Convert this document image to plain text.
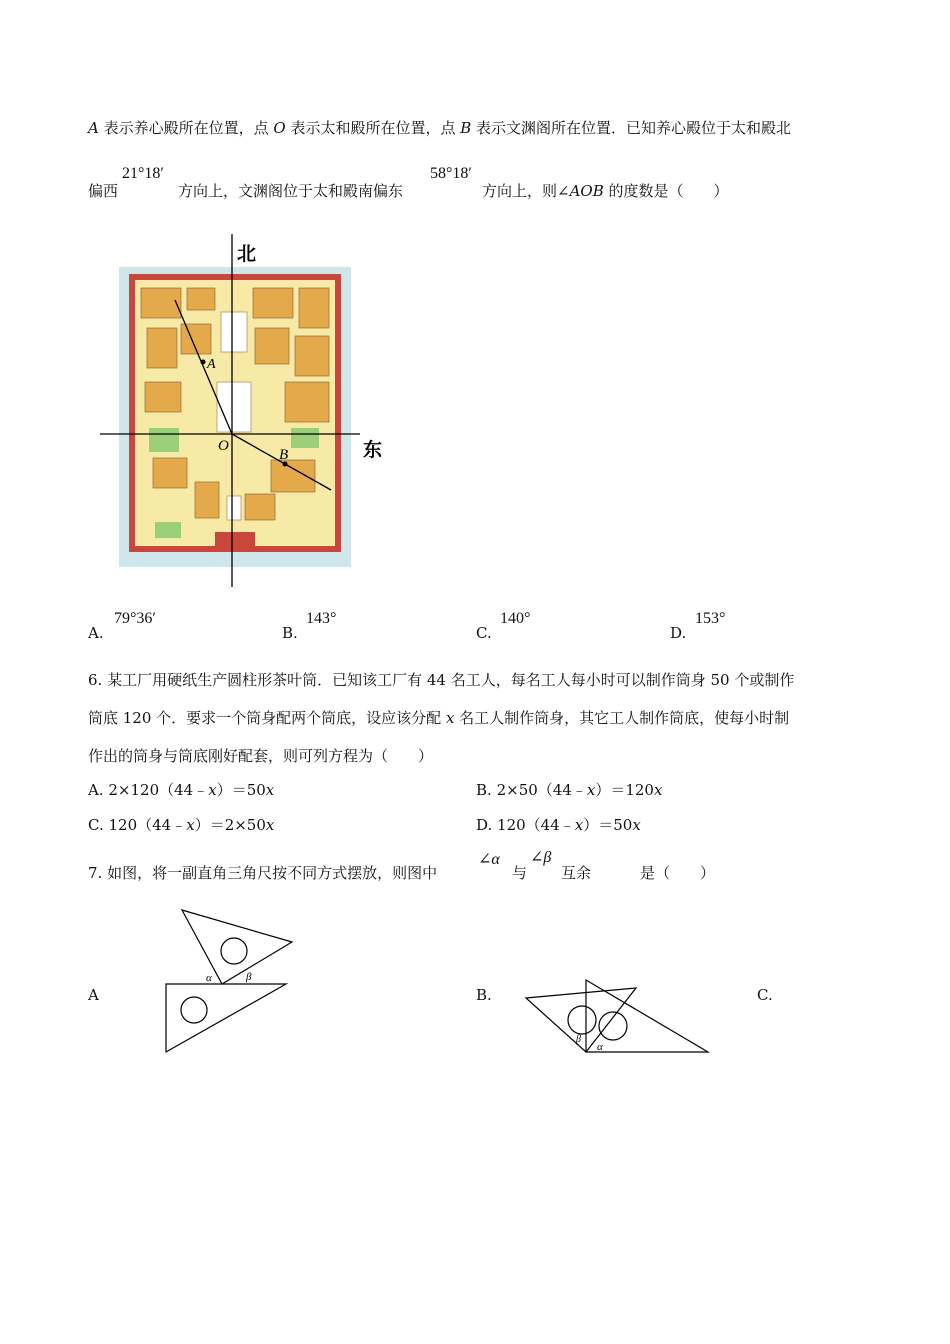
A 表示养心殿所在位置，点 O 表示太和殿所在位置，点 B 表示文渊阁所在位置．已知养心殿位于太和殿北
偏西
21°18′
方向上，文渊阁位于太和殿南偏东
58°18′
方向上，则∠AOB 的度数是（　　）
北
东
A
O
B
A.
79°36′
B.
143°
C.
140°
D.
153°
6. 某工厂用硬纸生产圆柱形茶叶筒．已知该工厂有 44 名工人，每名工人每小时可以制作筒身 50 个或制作
筒底 120 个．要求一个筒身配两个筒底，设应该分配 x 名工人制作筒身，其它工人制作筒底，使每小时制
作出的筒身与筒底刚好配套，则可列方程为（　　）
A. 2×120（44﹣x）＝50x	B. 2×50（44﹣x）＝120x
C. 120（44﹣x）＝2×50x	D. 120（44﹣x）＝50x
7. 如图，将一副直角三角尺按不同方式摆放，则图中
∠α
与
∠β
互余	是（　　）
A	B.	C.
α	β
β
α
